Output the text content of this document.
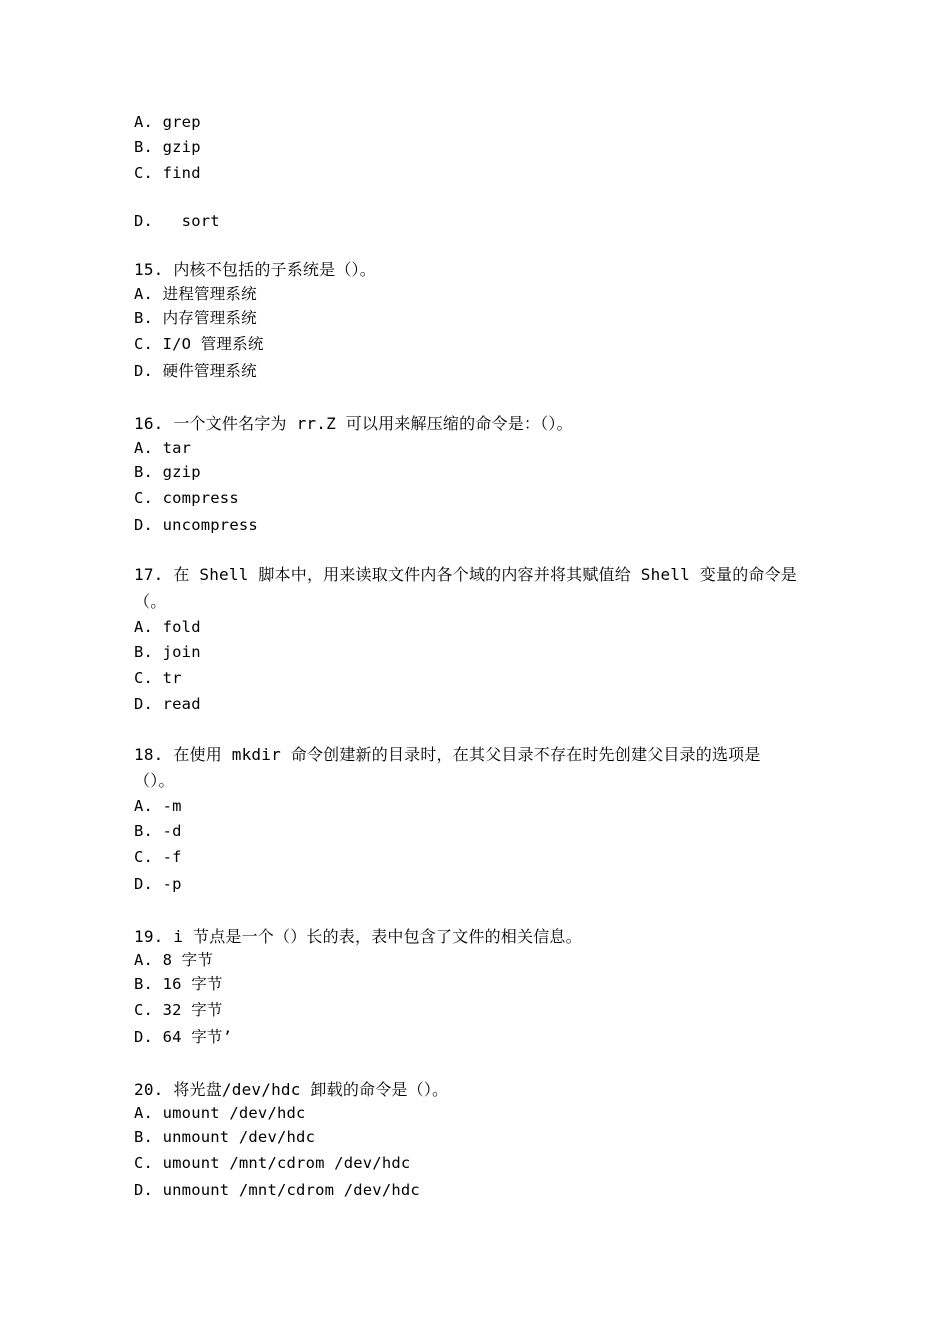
A. grep
B. gzip
C. find
D.   sort
15. 内核不包括的子系统是（）。
A. 进程管理系统
B. 内存管理系统
C. I/O 管理系统
D. 硬件管理系统
16. 一个文件名字为 rr.Z 可以用来解压缩的命令是：（）。
A. tar
B. gzip
C. compress
D. uncompress
17. 在 Shell 脚本中，用来读取文件内各个域的内容并将其赋值给 Shell 变量的命令是
（。
A. fold
B. join
C. tr
D. read
18. 在使用 mkdir 命令创建新的目录时，在其父目录不存在时先创建父目录的选项是
（）。
A. -m
B. -d
C. -f
D. -p
19. i 节点是一个（）长的表，表中包含了文件的相关信息。
A. 8 字节
B. 16 字节
C. 32 字节
D. 64 字节’
20. 将光盘/dev/hdc 卸载的命令是（）。
A. umount /dev/hdc
B. unmount /dev/hdc
C. umount /mnt/cdrom /dev/hdc
D. unmount /mnt/cdrom /dev/hdc
